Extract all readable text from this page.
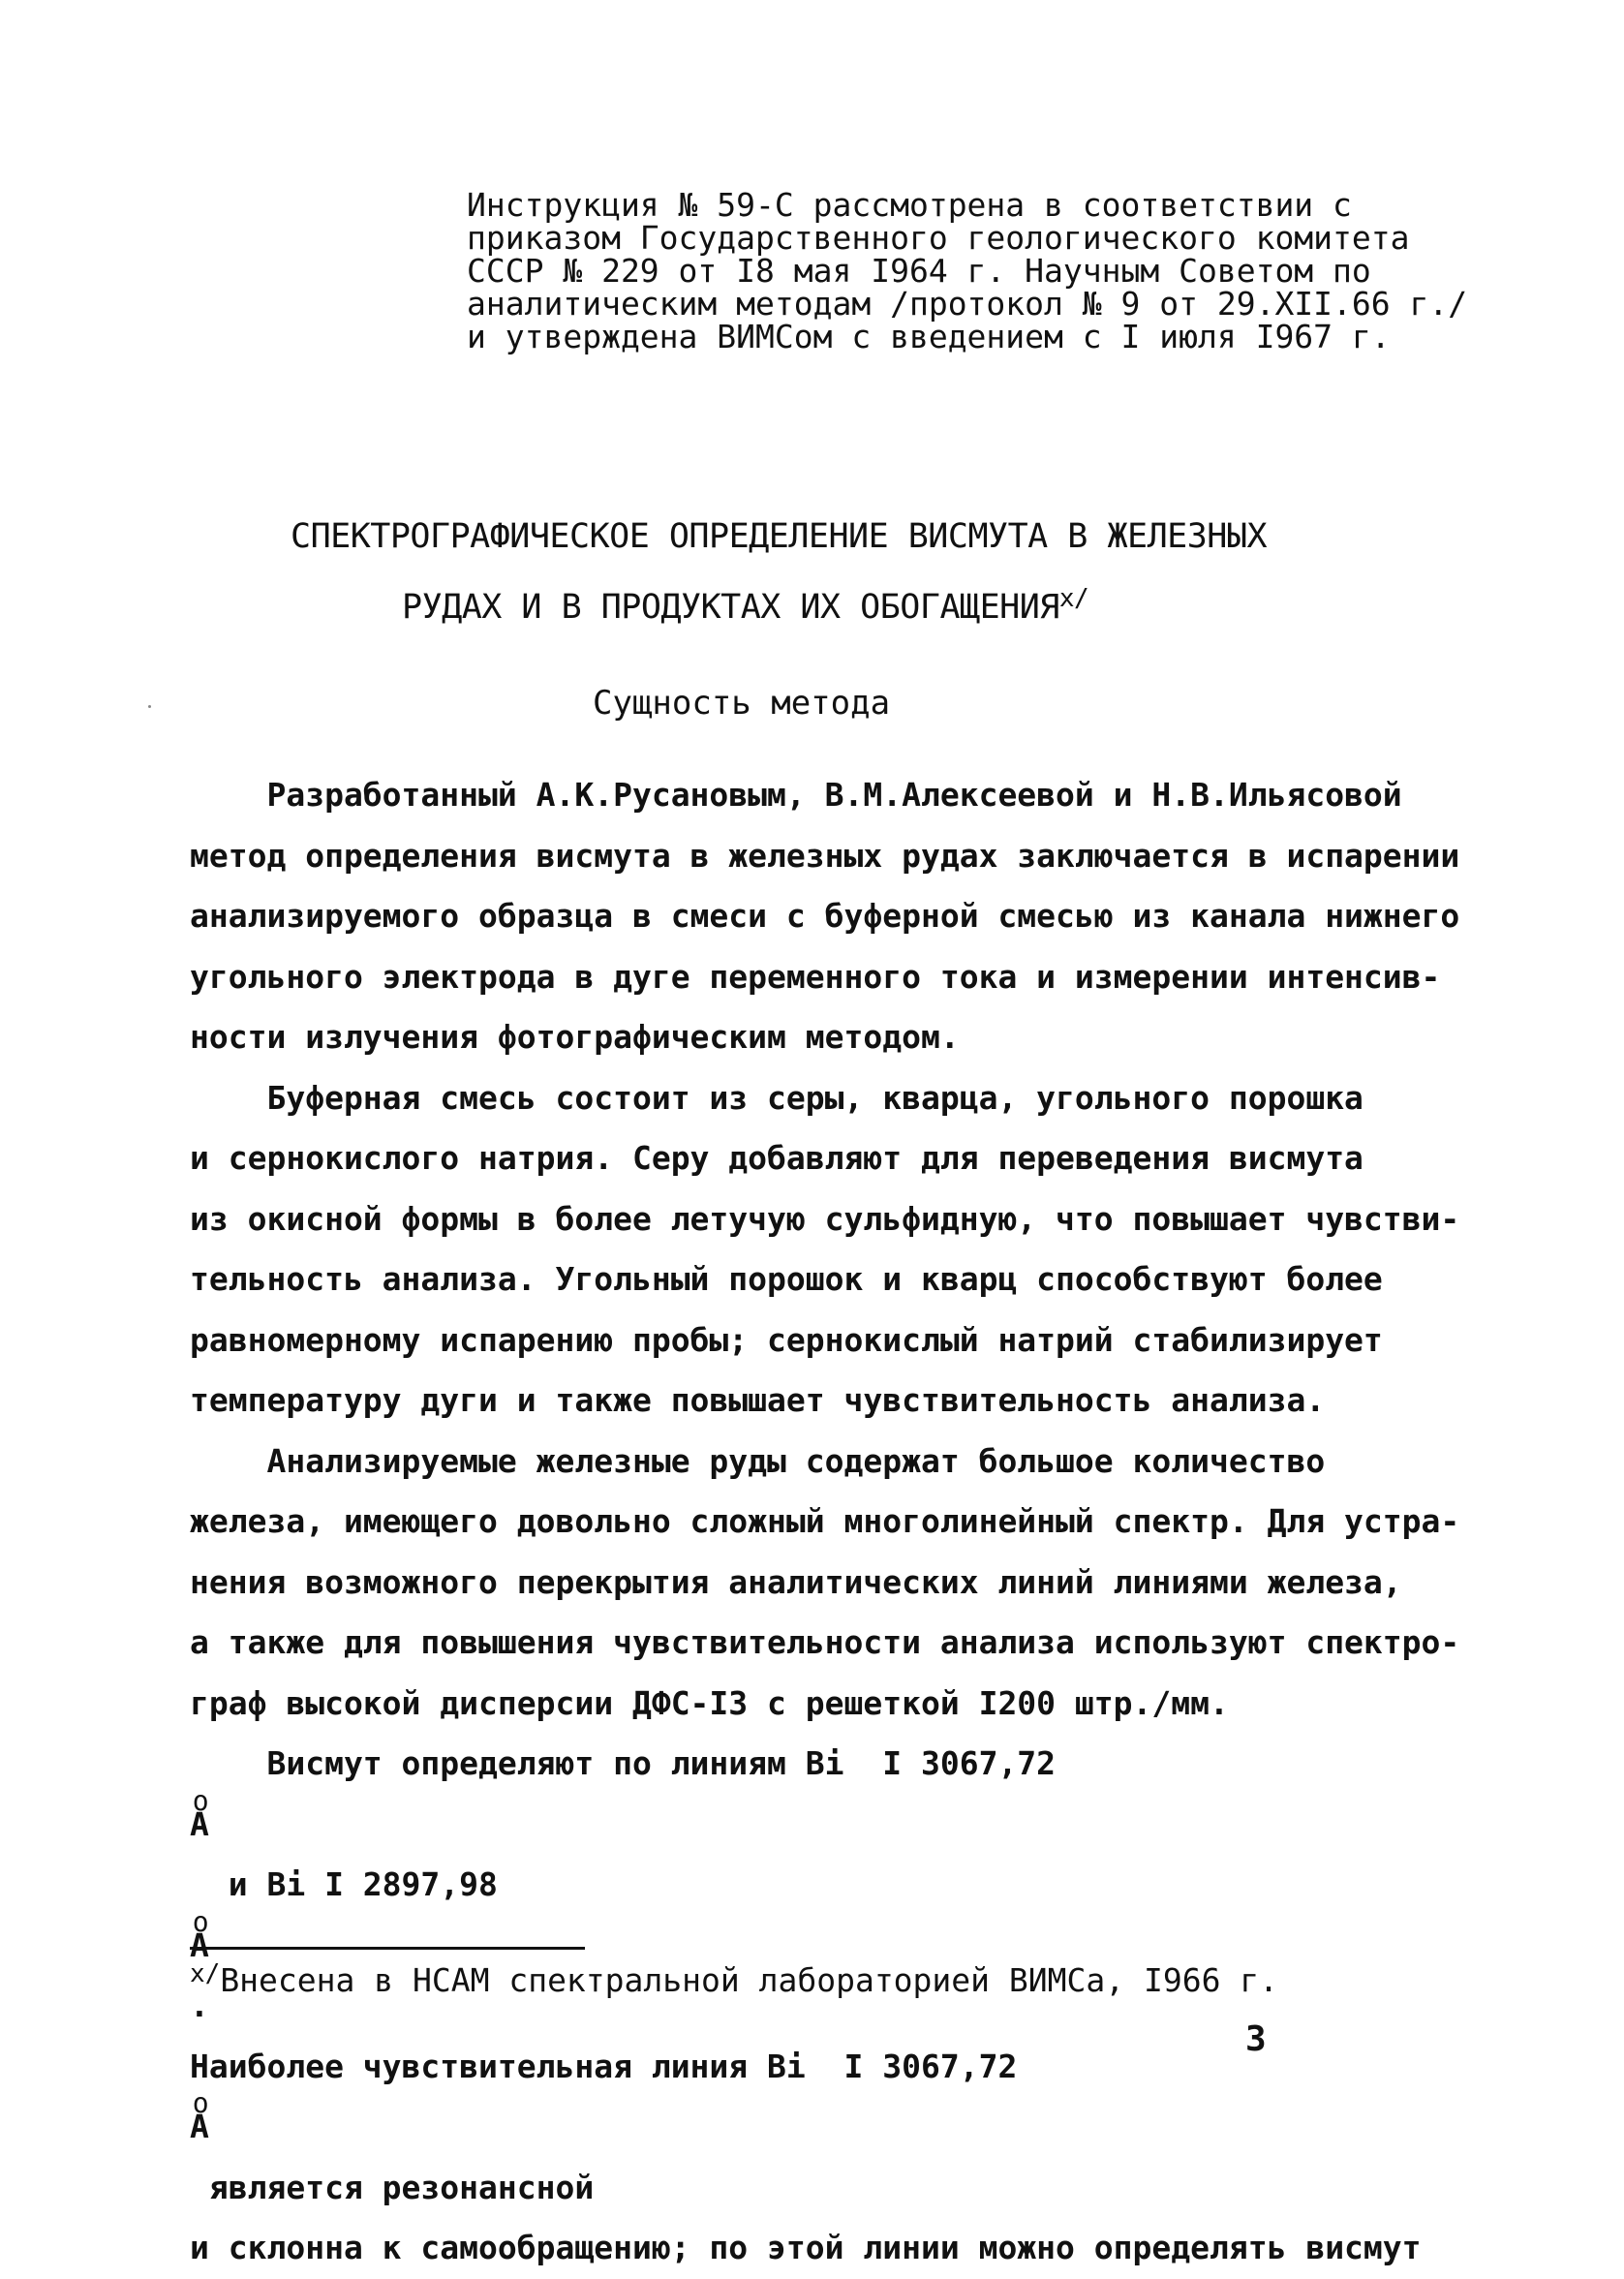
Инструкция № 59-С рассмотрена в соответствии с
приказом Государственного геологического комитета
СССР № 229 от I8 мая I964 г. Научным Советом по
аналитическим методам /протокол № 9 от 29.XII.66 г./
и утверждена ВИМСом с введением с I июля I967 г.
СПЕКТРОГРАФИЧЕСКОЕ ОПРЕДЕЛЕНИЕ ВИСМУТА В ЖЕЛЕЗНЫХ
РУДАХ И В ПРОДУКТАХ ИХ $ОБОГАЩЕНИЯ^{х/}$
Сущность метода
Разработанный А.К.Русановым, В.М.Алексеевой и Н.В.Ильясовой
метод определения висмута в железных рудах заключается в испарении
анализируемого образца в смеси с буферной смесью из канала нижнего
угольного электрода в дуге переменного тока и измерении интенсив-
ности излучения фотографическим методом.
Буферная смесь состоит из серы, кварца, угольного порошка
и сернокислого натрия. Серу добавляют для переведения висмута
из окисной формы в более летучую сульфидную, что повышает чувстви-
тельность анализа. Угольный порошок и кварц способствуют более
равномерному испарению пробы; сернокислый натрий стабилизирует
температуру дуги и также повышает чувствительность анализа.
Анализируемые железные руды содержат большое количество
железа, имеющего довольно сложный многолинейный спектр. Для устра-
нения возможного перекрытия аналитических линий линиями железа,
а также для повышения чувствительности анализа используют спектро-
граф высокой дисперсии ДФС-I3 с решеткой I200 штр./мм.
Висмут определяют по линиям Bi  I 3067,72
o A
и Bi I 2897,98
o A
.
Наиболее чувствительная линия Bi  I 3067,72
o A
является резонансной
и склонна к самообращению; по этой линии можно определять висмут
$^{х/}$Внесена в НСАМ спектральной лабораторией ВИМСа, I966 г.
3
